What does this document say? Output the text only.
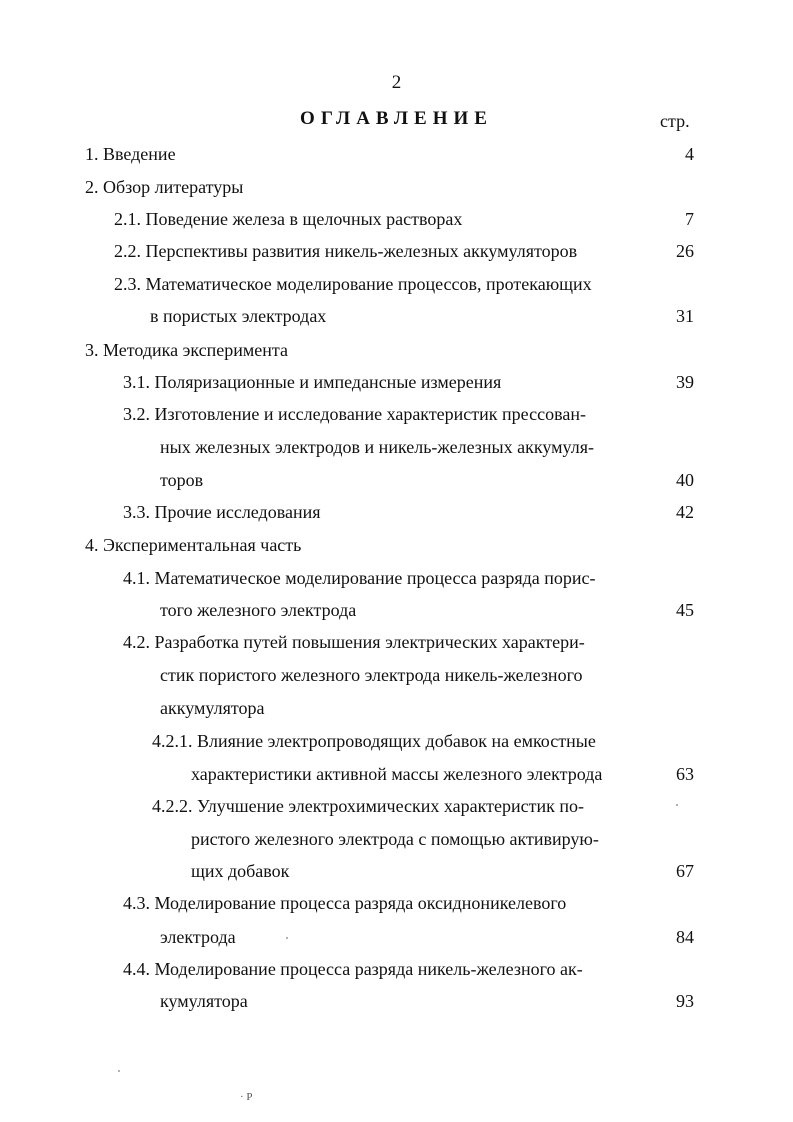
2
ОГЛАВЛЕНИЕ	стр.
1. Введение	4
2. Обзор литературы
2.1. Поведение железа в щелочных растворах	7
2.2. Перспективы развития никель-железных аккумуляторов	26
2.3. Математическое моделирование процессов, протекающих
в пористых электродах	31
3. Методика эксперимента
3.1. Поляризационные и импедансные измерения	39
3.2. Изготовление и исследование характеристик прессован-
ных железных электродов и никель-железных аккумуля-
торов	40
3.3. Прочие исследования	42
4. Экспериментальная часть
4.1. Математическое моделирование процесса разряда порис-
того железного электрода	45
4.2. Разработка путей повышения электрических характери-
стик пористого железного электрода никель-железного
аккумулятора
4.2.1. Влияние электропроводящих добавок на емкостные
характеристики активной массы железного электрода	63
4.2.2. Улучшение электрохимических характеристик по-
ристого железного электрода с помощью активирую-
щих добавок	67
4.3. Моделирование процесса разряда оксидноникелевого
электрода	84
4.4. Моделирование процесса разряда никель-железного ак-
кумулятора	93
· Р
